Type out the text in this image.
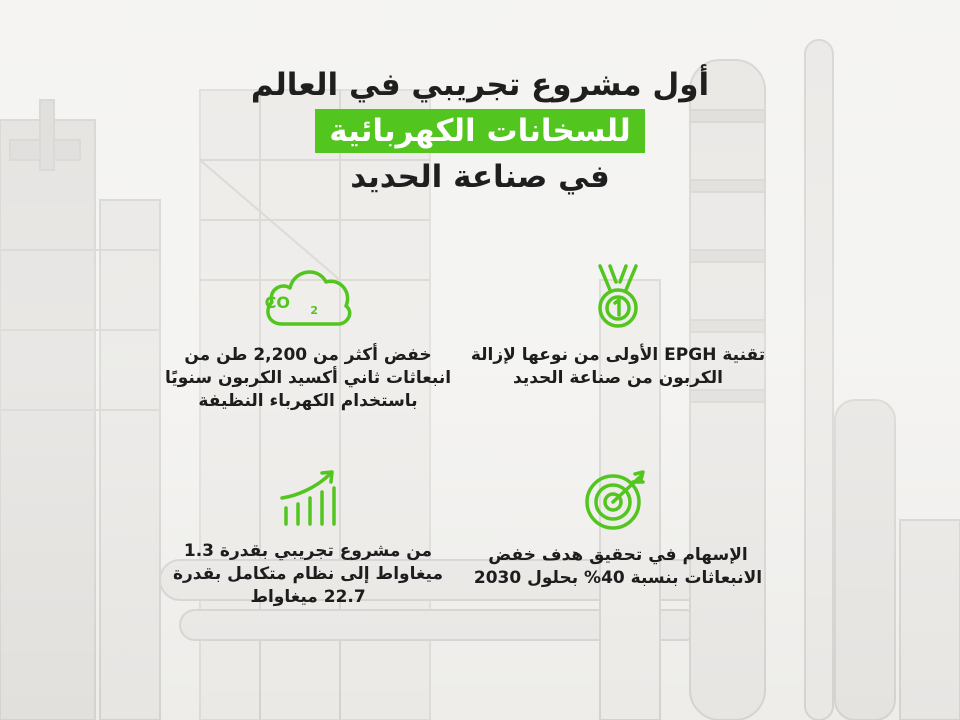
أول مشروع تجريبي في العالم
للسخانات الكهربائية
في صناعة الحديد
تقنية EPGH الأولى من نوعها لإزالة الكربون من صناعة الحديد
CO 2
خفض أكثر من 2,200 طن من انبعاثات ثاني أكسيد الكربون سنويًا باستخدام الكهرباء النظيفة
الإسهام في تحقيق هدف خفض الانبعاثات بنسبة 40% بحلول 2030
من مشروع تجريبي بقدرة 1.3 ميغاواط إلى نظام متكامل بقدرة 22.7 ميغاواط
